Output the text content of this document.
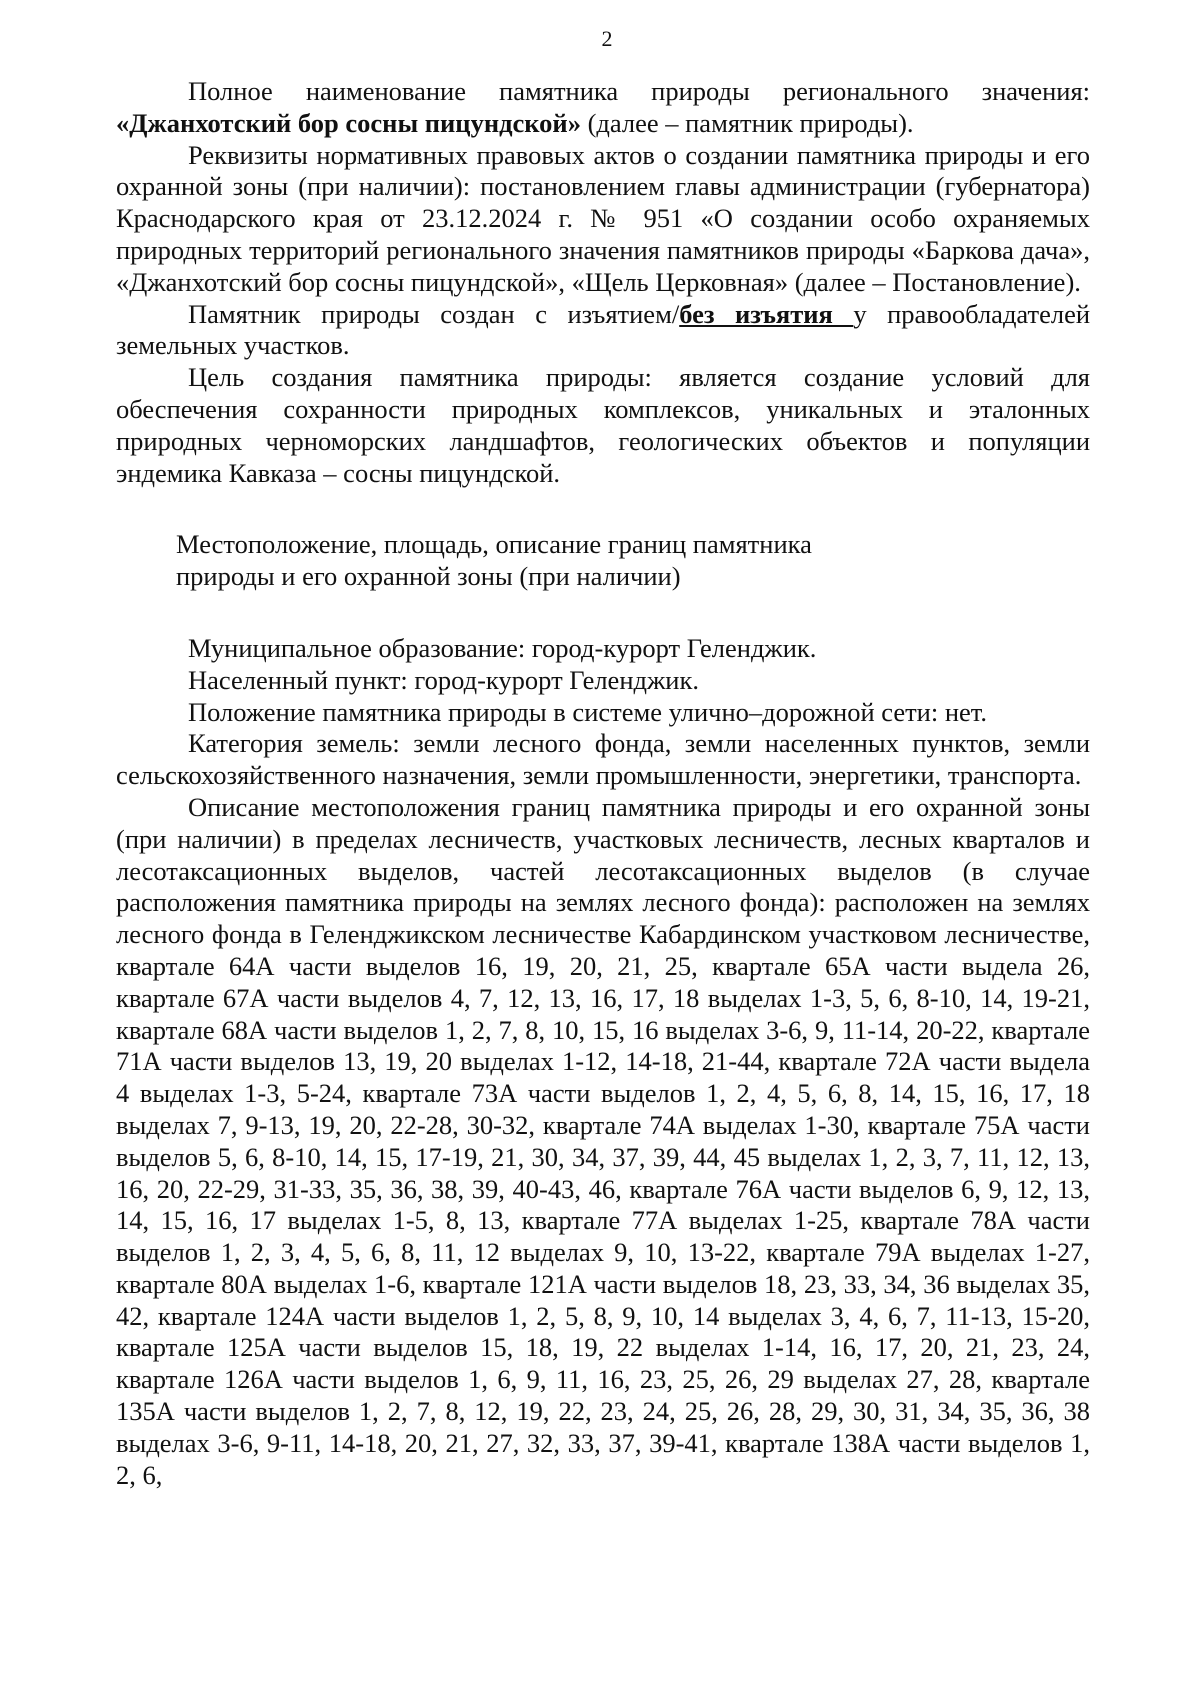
2

Полное наименование памятника природы регионального значения: «Джанхотский бор сосны пицундской» (далее – памятник природы).

Реквизиты нормативных правовых актов о создании памятника природы и его охранной зоны (при наличии): постановлением главы администрации (губернатора) Краснодарского края от 23.12.2024 г. № 951 «О создании особо охраняемых природных территорий регионального значения памятников природы «Баркова дача», «Джанхотский бор сосны пицундской», «Щель Церковная» (далее – Постановление).

Памятник природы создан с изъятием/без изъятия у правообладателей земельных участков.

Цель создания памятника природы: является создание условий для обеспечения сохранности природных комплексов, уникальных и эталонных природных черноморских ландшафтов, геологических объектов и популяции эндемика Кавказа – сосны пицундской.

Местоположение, площадь, описание границ памятника
природы и его охранной зоны (при наличии)

Муниципальное образование: город-курорт Геленджик.

Населенный пункт: город-курорт Геленджик.

Положение памятника природы в системе улично–дорожной сети: нет.

Категория земель: земли лесного фонда, земли населенных пунктов, земли сельскохозяйственного назначения, земли промышленности, энергетики, транспорта.

Описание местоположения границ памятника природы и его охранной зоны (при наличии) в пределах лесничеств, участковых лесничеств, лесных кварталов и лесотаксационных выделов, частей лесотаксационных выделов (в случае расположения памятника природы на землях лесного фонда): расположен на землях лесного фонда в Геленджикском лесничестве Кабардинском участковом лесничестве, квартале 64А части выделов 16, 19, 20, 21, 25, квартале 65А части выдела 26, квартале 67А части выделов 4, 7, 12, 13, 16, 17, 18 выделах 1-3, 5, 6, 8-10, 14, 19-21, квартале 68А части выделов 1, 2, 7, 8, 10, 15, 16 выделах 3-6, 9, 11-14, 20-22, квартале 71А части выделов 13, 19, 20 выделах 1-12, 14-18, 21-44, квартале 72А части выдела 4 выделах 1-3, 5-24, квартале 73А части выделов 1, 2, 4, 5, 6, 8, 14, 15, 16, 17, 18 выделах 7, 9-13, 19, 20, 22-28, 30-32, квартале 74А выделах 1-30, квартале 75А части выделов 5, 6, 8-10, 14, 15, 17-19, 21, 30, 34, 37, 39, 44, 45 выделах 1, 2, 3, 7, 11, 12, 13, 16, 20, 22-29, 31-33, 35, 36, 38, 39, 40-43, 46, квартале 76А части выделов 6, 9, 12, 13, 14, 15, 16, 17 выделах 1-5, 8, 13, квартале 77А выделах 1-25, квартале 78А части выделов 1, 2, 3, 4, 5, 6, 8, 11, 12 выделах 9, 10, 13-22, квартале 79А выделах 1-27, квартале 80А выделах 1-6, квартале 121А части выделов 18, 23, 33, 34, 36 выделах 35, 42, квартале 124А части выделов 1, 2, 5, 8, 9, 10, 14 выделах 3, 4, 6, 7, 11-13, 15-20, квартале 125А части выделов 15, 18, 19, 22 выделах 1-14, 16, 17, 20, 21, 23, 24, квартале 126А части выделов 1, 6, 9, 11, 16, 23, 25, 26, 29 выделах 27, 28, квартале 135А части выделов 1, 2, 7, 8, 12, 19, 22, 23, 24, 25, 26, 28, 29, 30, 31, 34, 35, 36, 38 выделах 3-6, 9-11, 14-18, 20, 21, 27, 32, 33, 37, 39-41, квартале 138А части выделов 1, 2, 6,
